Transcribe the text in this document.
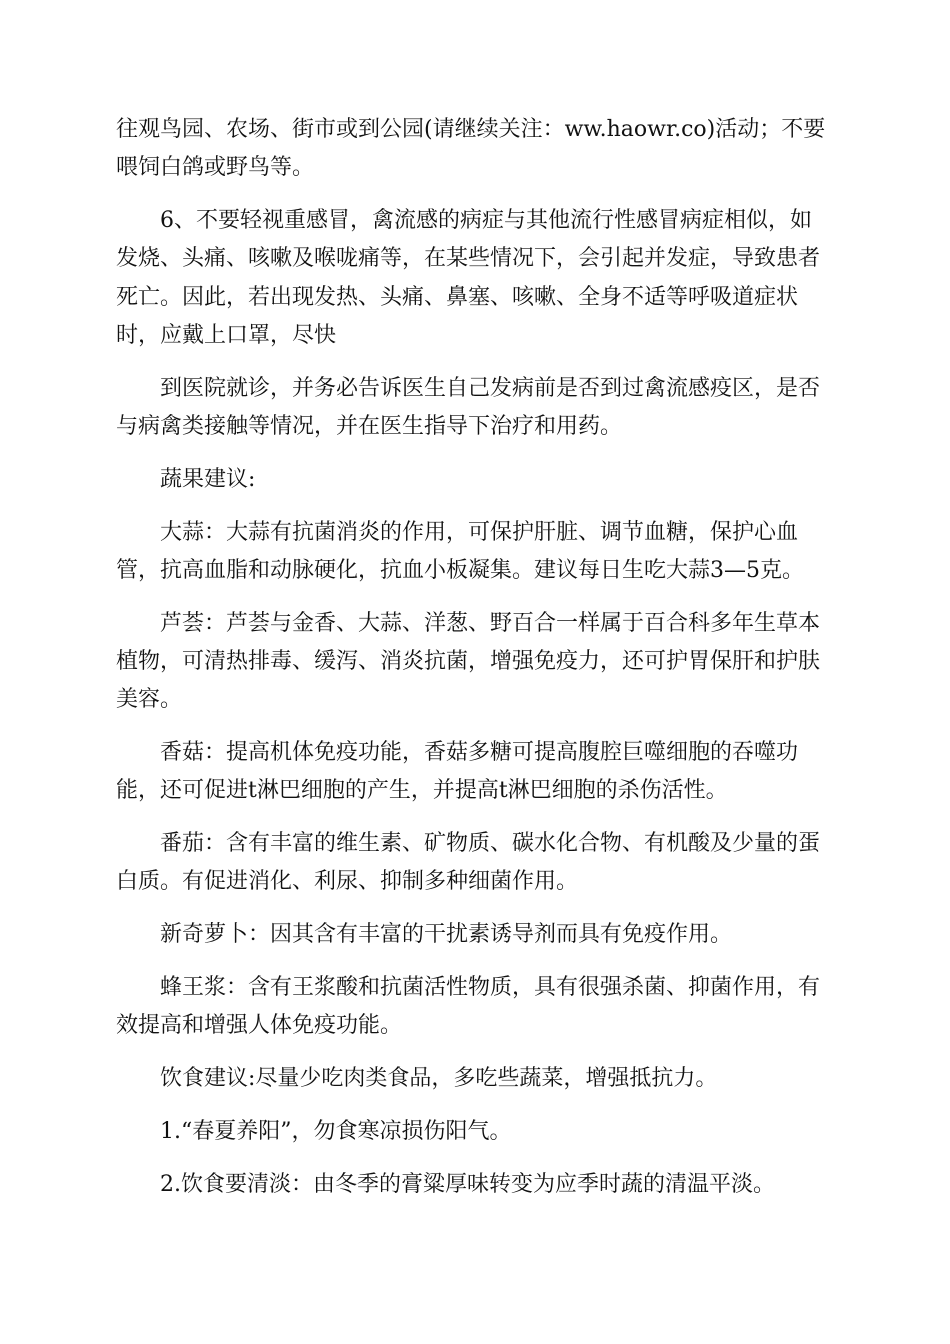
往观鸟园、农场、街市或到公园(请继续关注：ww.haowr.co)活动；不要
喂饲白鸽或野鸟等。
6、不要轻视重感冒，禽流感的病症与其他流行性感冒病症相似，如
发烧、头痛、咳嗽及喉咙痛等，在某些情况下，会引起并发症，导致患者
死亡。因此，若出现发热、头痛、鼻塞、咳嗽、全身不适等呼吸道症状
时，应戴上口罩，尽快
到医院就诊，并务必告诉医生自己发病前是否到过禽流感疫区，是否
与病禽类接触等情况，并在医生指导下治疗和用药。
蔬果建议:
大蒜：大蒜有抗菌消炎的作用，可保护肝脏、调节血糖，保护心血
管，抗高血脂和动脉硬化，抗血小板凝集。建议每日生吃大蒜3—5克。
芦荟：芦荟与金香、大蒜、洋葱、野百合一样属于百合科多年生草本
植物，可清热排毒、缓泻、消炎抗菌，增强免疫力，还可护胃保肝和护肤
美容。
香菇：提高机体免疫功能，香菇多糖可提高腹腔巨噬细胞的吞噬功
能，还可促进t淋巴细胞的产生，并提高t淋巴细胞的杀伤活性。
番茄：含有丰富的维生素、矿物质、碳水化合物、有机酸及少量的蛋
白质。有促进消化、利尿、抑制多种细菌作用。
新奇萝卜：因其含有丰富的干扰素诱导剂而具有免疫作用。
蜂王浆：含有王浆酸和抗菌活性物质，具有很强杀菌、抑菌作用，有
效提高和增强人体免疫功能。
饮食建议:尽量少吃肉类食品，多吃些蔬菜，增强抵抗力。
1.“春夏养阳”，勿食寒凉损伤阳气。
2.饮食要清淡：由冬季的膏粱厚味转变为应季时蔬的清温平淡。
